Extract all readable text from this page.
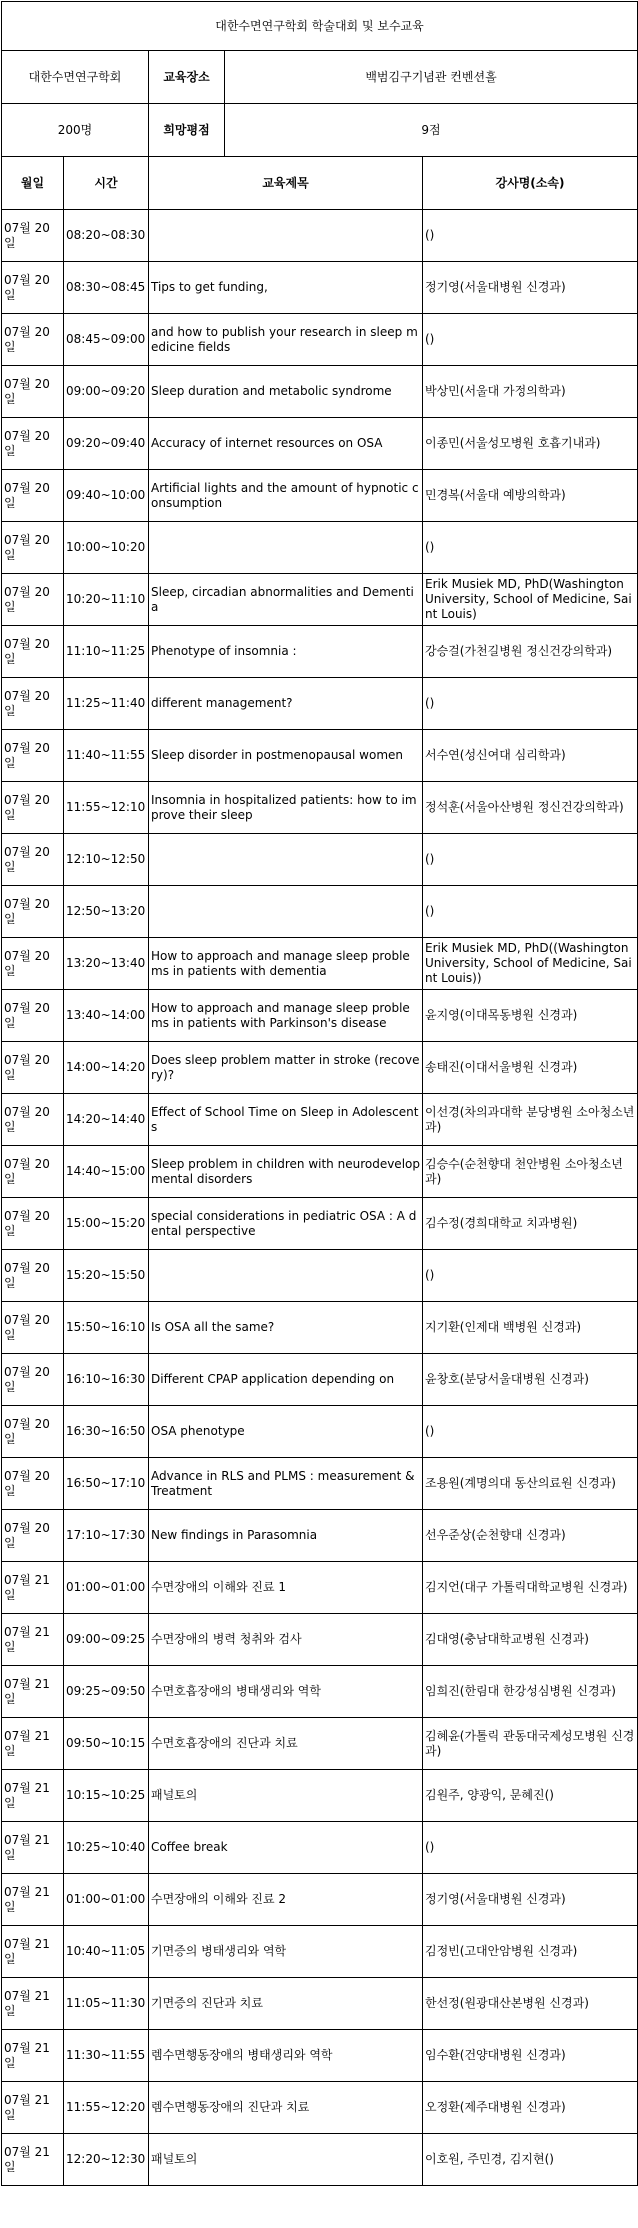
대한수면연구학회 학술대회 및 보수교육				
대한수면연구학회		교육장소	백범김구기념관 컨벤션홀	
200명		희망평점	9점	
월일	시간	교육제목		강사명(소속)
07월 20일	08:20~08:30			()
07월 20일	08:30~08:45	Tips to get funding,		정기영(서울대병원 신경과)
07월 20일	08:45~09:00	and how to publish your research in sleep medicine fields		()
07월 20일	09:00~09:20	Sleep duration and metabolic syndrome		박상민(서울대 가정의학과)
07월 20일	09:20~09:40	Accuracy of internet resources on OSA		이종민(서울성모병원 호흡기내과)
07월 20일	09:40~10:00	Artificial lights and the amount of hypnotic consumption		민경복(서울대 예방의학과)
07월 20일	10:00~10:20			()
07월 20일	10:20~11:10	Sleep, circadian abnormalities and Dementia		Erik Musiek MD, PhD(Washington University, School of Medicine, Saint Louis)
07월 20일	11:10~11:25	Phenotype of insomnia :		강승걸(가천길병원 정신건강의학과)
07월 20일	11:25~11:40	different management?		()
07월 20일	11:40~11:55	Sleep disorder in postmenopausal women		서수연(성신여대 심리학과)
07월 20일	11:55~12:10	Insomnia in hospitalized patients: how to improve their sleep		정석훈(서울아산병원 정신건강의학과)
07월 20일	12:10~12:50			()
07월 20일	12:50~13:20			()
07월 20일	13:20~13:40	How to approach and manage sleep problems in patients with dementia		Erik Musiek MD, PhD((Washington University, School of Medicine, Saint Louis))
07월 20일	13:40~14:00	How to approach and manage sleep problems in patients with Parkinson's disease		윤지영(이대목동병원 신경과)
07월 20일	14:00~14:20	Does sleep problem matter in stroke (recovery)?		송태진(이대서울병원 신경과)
07월 20일	14:20~14:40	Effect of School Time on Sleep in Adolescents		이선경(차의과대학 분당병원 소아청소년과)
07월 20일	14:40~15:00	Sleep problem in children with neurodevelopmental disorders		김승수(순천향대 천안병원 소아청소년과)
07월 20일	15:00~15:20	special considerations in pediatric OSA : A dental perspective		김수정(경희대학교 치과병원)
07월 20일	15:20~15:50			()
07월 20일	15:50~16:10	Is OSA all the same?		지기환(인제대 백병원 신경과)
07월 20일	16:10~16:30	Different CPAP application depending on		윤창호(분당서울대병원 신경과)
07월 20일	16:30~16:50	OSA phenotype		()
07월 20일	16:50~17:10	Advance in RLS and PLMS : measurement & Treatment		조용원(계명의대 동산의료원 신경과)
07월 20일	17:10~17:30	New findings in Parasomnia		선우준상(순천향대 신경과)
07월 21일	01:00~01:00	수면장애의 이해와 진료 1		김지언(대구 가톨릭대학교병원 신경과)
07월 21일	09:00~09:25	수면장애의 병력 청취와 검사		김대영(충남대학교병원 신경과)
07월 21일	09:25~09:50	수면호흡장애의 병태생리와 역학		임희진(한림대 한강성심병원 신경과)
07월 21일	09:50~10:15	수면호흡장애의 진단과 치료		김혜윤(가톨릭 관동대국제성모병원 신경과)
07월 21일	10:15~10:25	패널토의		김원주, 양광익, 문혜진()
07월 21일	10:25~10:40	Coffee break		()
07월 21일	01:00~01:00	수면장애의 이해와 진료 2		정기영(서울대병원 신경과)
07월 21일	10:40~11:05	기면증의 병태생리와 역학		김정빈(고대안암병원 신경과)
07월 21일	11:05~11:30	기면증의 진단과 치료		한선정(원광대산본병원 신경과)
07월 21일	11:30~11:55	렘수면행동장애의 병태생리와 역학		임수환(건양대병원 신경과)
07월 21일	11:55~12:20	렘수면행동장애의 진단과 치료		오정환(제주대병원 신경과)
07월 21일	12:20~12:30	패널토의		이호원, 주민경, 김지현()
